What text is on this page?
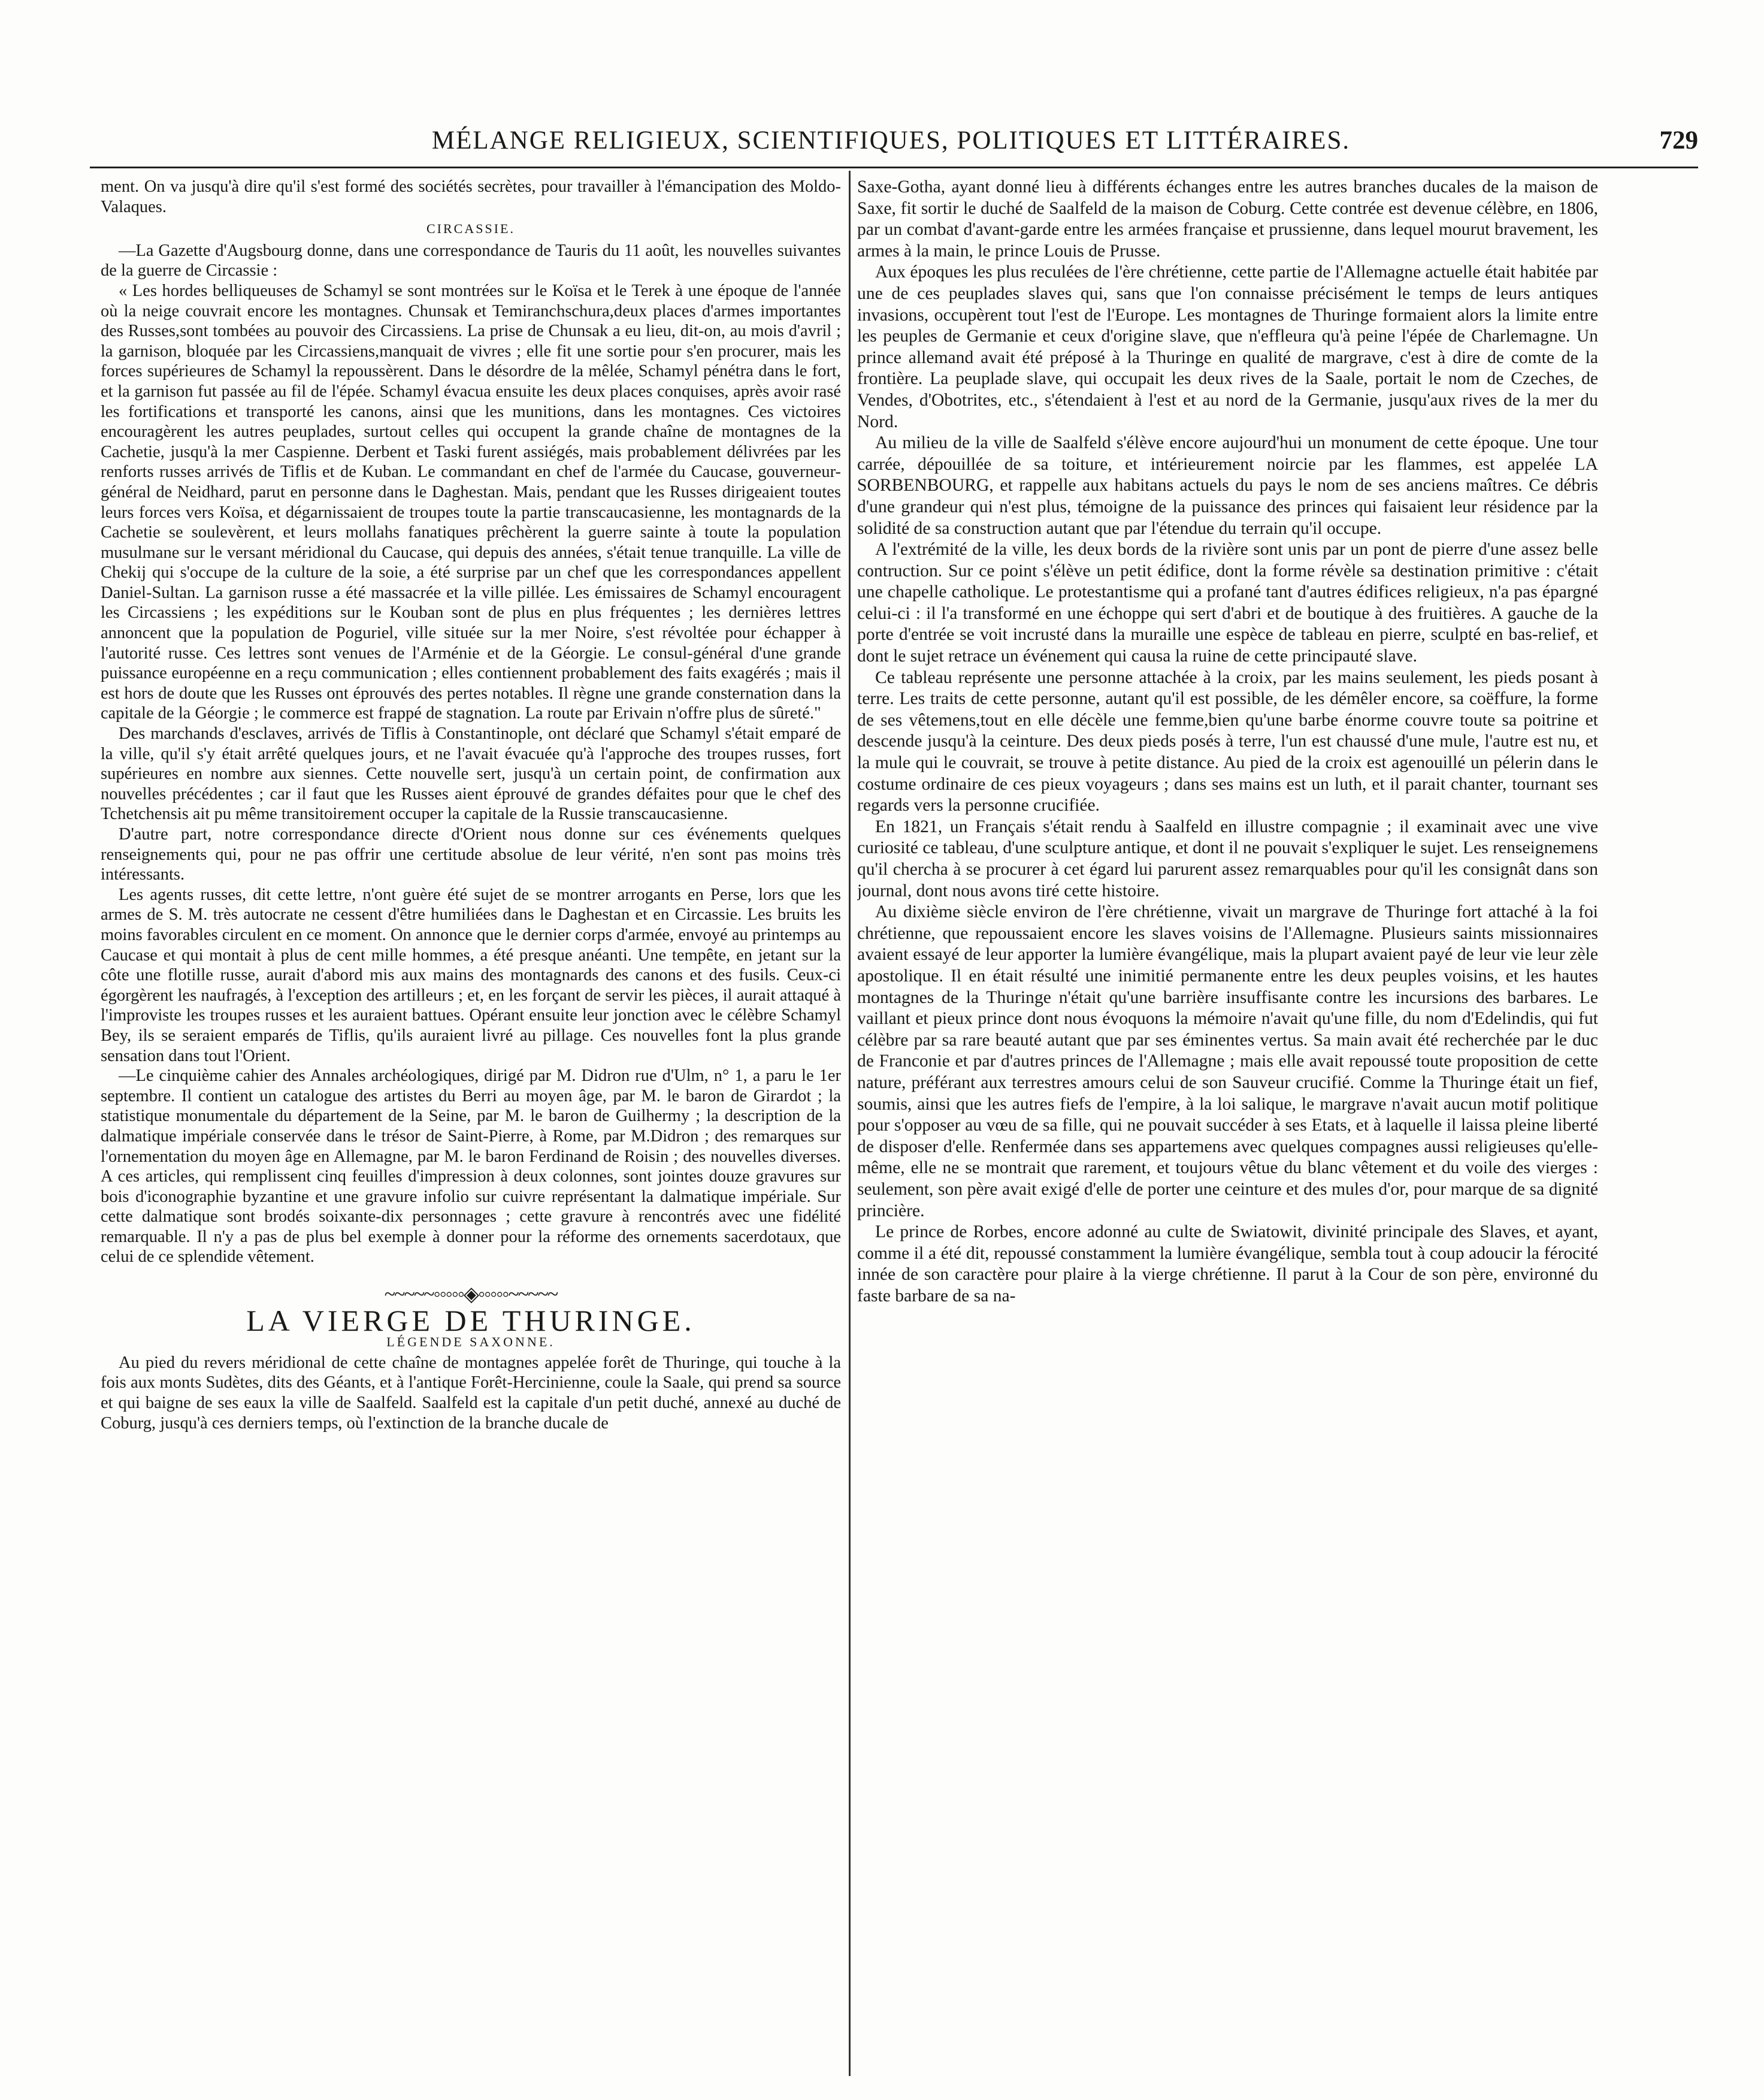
MÉLANGE RELIGIEUX, SCIENTIFIQUES, POLITIQUES ET LITTÉRAIRES.	729

ment. On va jusqu'à dire qu'il s'est formé des sociétés secrètes, pour travailler à l'émancipation des Moldo-Valaques.

CIRCASSIE.

—La Gazette d'Augsbourg donne, dans une correspondance de Tauris du 11 août, les nouvelles suivantes de la guerre de Circassie :

« Les hordes belliqueuses de Schamyl se sont montrées sur le Koïsa et le Terek à une époque de l'année où la neige couvrait encore les montagnes. Chunsak et Temiranchschura,deux places d'armes importantes des Russes,sont tombées au pouvoir des Circassiens. La prise de Chunsak a eu lieu, dit-on, au mois d'avril ; la garnison, bloquée par les Circassiens,manquait de vivres ; elle fit une sortie pour s'en procurer, mais les forces supérieures de Schamyl la repoussèrent. Dans le désordre de la mêlée, Schamyl pénétra dans le fort, et la garnison fut passée au fil de l'épée. Schamyl évacua ensuite les deux places conquises, après avoir rasé les fortifications et transporté les canons, ainsi que les munitions, dans les montagnes. Ces victoires encouragèrent les autres peuplades, surtout celles qui occupent la grande chaîne de montagnes de la Cachetie, jusqu'à la mer Caspienne. Derbent et Taski furent assiégés, mais probablement délivrées par les renforts russes arrivés de Tiflis et de Kuban. Le commandant en chef de l'armée du Caucase, gouverneur-général de Neidhard, parut en personne dans le Daghestan. Mais, pendant que les Russes dirigeaient toutes leurs forces vers Koïsa, et dégarnissaient de troupes toute la partie transcaucasienne, les montagnards de la Cachetie se soulevèrent, et leurs mollahs fanatiques prêchèrent la guerre sainte à toute la population musulmane sur le versant méridional du Caucase, qui depuis des années, s'était tenue tranquille. La ville de Chekij qui s'occupe de la culture de la soie, a été surprise par un chef que les correspondances appellent Daniel-Sultan. La garnison russe a été massacrée et la ville pillée. Les émissaires de Schamyl encouragent les Circassiens ; les expéditions sur le Kouban sont de plus en plus fréquentes ; les dernières lettres annoncent que la population de Poguriel, ville située sur la mer Noire, s'est révoltée pour échapper à l'autorité russe. Ces lettres sont venues de l'Arménie et de la Géorgie. Le consul-général d'une grande puissance européenne en a reçu communication ; elles contiennent probablement des faits exagérés ; mais il est hors de doute que les Russes ont éprouvés des pertes notables. Il règne une grande consternation dans la capitale de la Géorgie ; le commerce est frappé de stagnation. La route par Erivain n'offre plus de sûreté."

Des marchands d'esclaves, arrivés de Tiflis à Constantinople, ont déclaré que Schamyl s'était emparé de la ville, qu'il s'y était arrêté quelques jours, et ne l'avait évacuée qu'à l'approche des troupes russes, fort supérieures en nombre aux siennes. Cette nouvelle sert, jusqu'à un certain point, de confirmation aux nouvelles précédentes ; car il faut que les Russes aient éprouvé de grandes défaites pour que le chef des Tchetchensis ait pu même transitoirement occuper la capitale de la Russie transcaucasienne.

D'autre part, notre correspondance directe d'Orient nous donne sur ces événements quelques renseignements qui, pour ne pas offrir une certitude absolue de leur vérité, n'en sont pas moins très intéressants.

Les agents russes, dit cette lettre, n'ont guère été sujet de se montrer arrogants en Perse, lors que les armes de S. M. très autocrate ne cessent d'être humiliées dans le Daghestan et en Circassie. Les bruits les moins favorables circulent en ce moment. On annonce que le dernier corps d'armée, envoyé au printemps au Caucase et qui montait à plus de cent mille hommes, a été presque anéanti. Une tempête, en jetant sur la côte une flotille russe, aurait d'abord mis aux mains des montagnards des canons et des fusils. Ceux-ci égorgèrent les naufragés, à l'exception des artilleurs ; et, en les forçant de servir les pièces, il aurait attaqué à l'improviste les troupes russes et les auraient battues. Opérant ensuite leur jonction avec le célèbre Schamyl Bey, ils se seraient emparés de Tiflis, qu'ils auraient livré au pillage. Ces nouvelles font la plus grande sensation dans tout l'Orient.

—Le cinquième cahier des Annales archéologiques, dirigé par M. Didron rue d'Ulm, n° 1, a paru le 1er septembre. Il contient un catalogue des artistes du Berri au moyen âge, par M. le baron de Girardot ; la statistique monumentale du département de la Seine, par M. le baron de Guilhermy ; la description de la dalmatique impériale conservée dans le trésor de Saint-Pierre, à Rome, par M.Didron ; des remarques sur l'ornementation du moyen âge en Allemagne, par M. le baron Ferdinand de Roisin ; des nouvelles diverses. A ces articles, qui remplissent cinq feuilles d'impression à deux colonnes, sont jointes douze gravures sur bois d'iconographie byzantine et une gravure infolio sur cuivre représentant la dalmatique impériale. Sur cette dalmatique sont brodés soixante-dix personnages ; cette gravure à rencontrés avec une fidélité remarquable. Il n'y a pas de plus bel exemple à donner pour la réforme des ornements sacerdotaux, que celui de ce splendide vêtement.

~~~~~◦◦◦◦◦◈◦◦◦◦◦~~~~~

LA VIERGE DE THURINGE.

LÉGENDE SAXONNE.

Au pied du revers méridional de cette chaîne de montagnes appelée forêt de Thuringe, qui touche à la fois aux monts Sudètes, dits des Géants, et à l'antique Forêt-Hercinienne, coule la Saale, qui prend sa source et qui baigne de ses eaux la ville de Saalfeld. Saalfeld est la capitale d'un petit duché, annexé au duché de Coburg, jusqu'à ces derniers temps, où l'extinction de la branche ducale de

Saxe-Gotha, ayant donné lieu à différents échanges entre les autres branches ducales de la maison de Saxe, fit sortir le duché de Saalfeld de la maison de Coburg. Cette contrée est devenue célèbre, en 1806, par un combat d'avant-garde entre les armées française et prussienne, dans lequel mourut bravement, les armes à la main, le prince Louis de Prusse.

Aux époques les plus reculées de l'ère chrétienne, cette partie de l'Allemagne actuelle était habitée par une de ces peuplades slaves qui, sans que l'on connaisse précisément le temps de leurs antiques invasions, occupèrent tout l'est de l'Europe. Les montagnes de Thuringe formaient alors la limite entre les peuples de Germanie et ceux d'origine slave, que n'effleura qu'à peine l'épée de Charlemagne. Un prince allemand avait été préposé à la Thuringe en qualité de margrave, c'est à dire de comte de la frontière. La peuplade slave, qui occupait les deux rives de la Saale, portait le nom de Czeches, de Vendes, d'Obotrites, etc., s'étendaient à l'est et au nord de la Germanie, jusqu'aux rives de la mer du Nord.

Au milieu de la ville de Saalfeld s'élève encore aujourd'hui un monument de cette époque. Une tour carrée, dépouillée de sa toiture, et intérieurement noircie par les flammes, est appelée LA SORBENBOURG, et rappelle aux habitans actuels du pays le nom de ses anciens maîtres. Ce débris d'une grandeur qui n'est plus, témoigne de la puissance des princes qui faisaient leur résidence par la solidité de sa construction autant que par l'étendue du terrain qu'il occupe.

A l'extrémité de la ville, les deux bords de la rivière sont unis par un pont de pierre d'une assez belle contruction. Sur ce point s'élève un petit édifice, dont la forme révèle sa destination primitive : c'était une chapelle catholique. Le protestantisme qui a profané tant d'autres édifices religieux, n'a pas épargné celui-ci : il l'a transformé en une échoppe qui sert d'abri et de boutique à des fruitières. A gauche de la porte d'entrée se voit incrusté dans la muraille une espèce de tableau en pierre, sculpté en bas-relief, et dont le sujet retrace un événement qui causa la ruine de cette principauté slave.

Ce tableau représente une personne attachée à la croix, par les mains seulement, les pieds posant à terre. Les traits de cette personne, autant qu'il est possible, de les démêler encore, sa coëffure, la forme de ses vêtemens,tout en elle décèle une femme,bien qu'une barbe énorme couvre toute sa poitrine et descende jusqu'à la ceinture. Des deux pieds posés à terre, l'un est chaussé d'une mule, l'autre est nu, et la mule qui le couvrait, se trouve à petite distance. Au pied de la croix est agenouillé un pélerin dans le costume ordinaire de ces pieux voyageurs ; dans ses mains est un luth, et il parait chanter, tournant ses regards vers la personne crucifiée.

En 1821, un Français s'était rendu à Saalfeld en illustre compagnie ; il examinait avec une vive curiosité ce tableau, d'une sculpture antique, et dont il ne pouvait s'expliquer le sujet. Les renseignemens qu'il chercha à se procurer à cet égard lui parurent assez remarquables pour qu'il les consignât dans son journal, dont nous avons tiré cette histoire.

Au dixième siècle environ de l'ère chrétienne, vivait un margrave de Thuringe fort attaché à la foi chrétienne, que repoussaient encore les slaves voisins de l'Allemagne. Plusieurs saints missionnaires avaient essayé de leur apporter la lumière évangélique, mais la plupart avaient payé de leur vie leur zèle apostolique. Il en était résulté une inimitié permanente entre les deux peuples voisins, et les hautes montagnes de la Thuringe n'était qu'une barrière insuffisante contre les incursions des barbares. Le vaillant et pieux prince dont nous évoquons la mémoire n'avait qu'une fille, du nom d'Edelindis, qui fut célèbre par sa rare beauté autant que par ses éminentes vertus. Sa main avait été recherchée par le duc de Franconie et par d'autres princes de l'Allemagne ; mais elle avait repoussé toute proposition de cette nature, préférant aux terrestres amours celui de son Sauveur crucifié. Comme la Thuringe était un fief, soumis, ainsi que les autres fiefs de l'empire, à la loi salique, le margrave n'avait aucun motif politique pour s'opposer au vœu de sa fille, qui ne pouvait succéder à ses Etats, et à laquelle il laissa pleine liberté de disposer d'elle. Renfermée dans ses appartemens avec quelques compagnes aussi religieuses qu'elle-même, elle ne se montrait que rarement, et toujours vêtue du blanc vêtement et du voile des vierges : seulement, son père avait exigé d'elle de porter une ceinture et des mules d'or, pour marque de sa dignité princière.

Le prince de Rorbes, encore adonné au culte de Swiatowit, divinité principale des Slaves, et ayant, comme il a été dit, repoussé constamment la lumière évangélique, sembla tout à coup adoucir la férocité innée de son caractère pour plaire à la vierge chrétienne. Il parut à la Cour de son père, environné du faste barbare de sa na-
